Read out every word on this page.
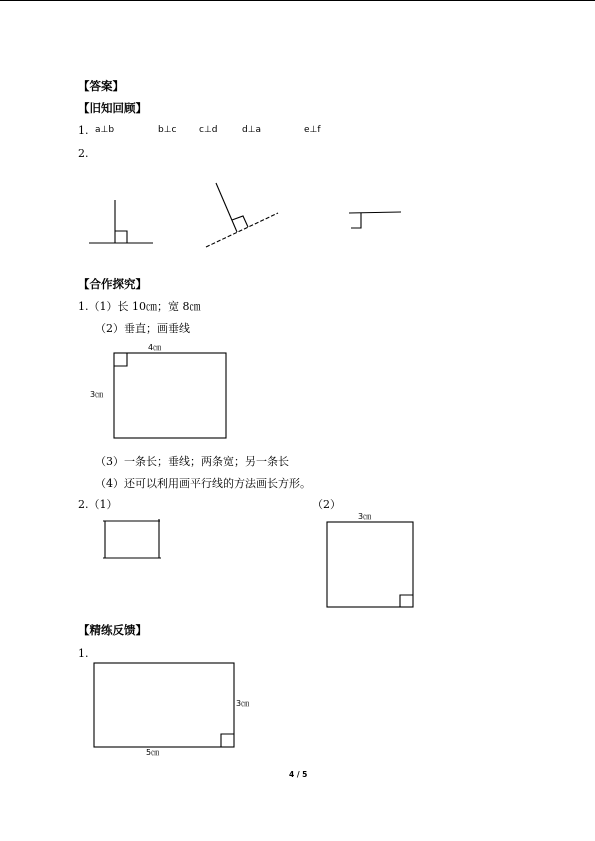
【答案】
【旧知回顾】
1. a⊥b	b⊥c c⊥d	d⊥a	e⊥f
2.
【合作探究】
1.（1）长 10㎝；宽 8㎝
（2）垂直；画垂线
4㎝
3㎝
（3）一条长；垂线；两条宽；另一条长
（4）还可以利用画平行线的方法画长方形。
2.（1）	（2）
3㎝
【精练反馈】
1.
3㎝
5㎝
4 / 5
